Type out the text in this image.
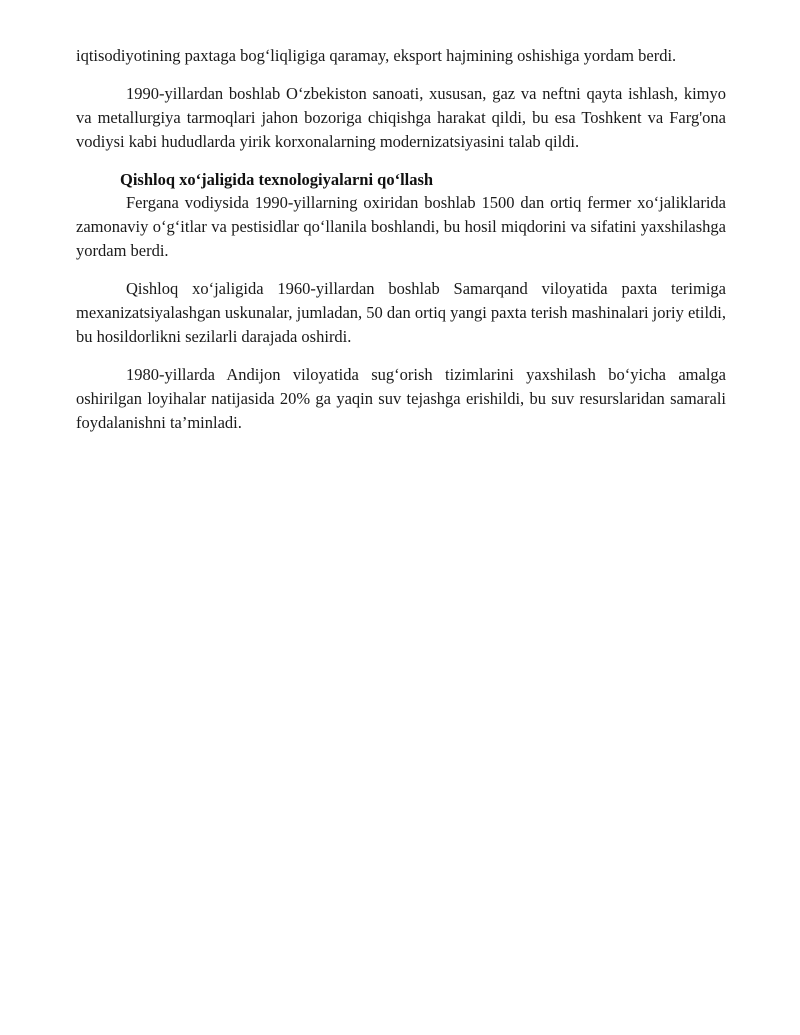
iqtisodiyotining paxtaga bog‘liqligiga qaramay, eksport hajmining oshishiga yordam berdi.

1990-yillardan boshlab O‘zbekiston sanoati, xususan, gaz va neftni qayta ishlash, kimyo va metallurgiya tarmoqlari jahon bozoriga chiqishga harakat qildi, bu esa Toshkent va Farg'ona vodiysi kabi hududlarda yirik korxonalarning modernizatsiyasini talab qildi.

Qishloq xo‘jaligida texnologiyalarni qo‘llash

Fergana vodiysida 1990-yillarning oxiridan boshlab 1500 dan ortiq fermer xo‘jaliklarida zamonaviy o‘g‘itlar va pestisidlar qo‘llanila boshlandi, bu hosil miqdorini va sifatini yaxshilashga yordam berdi.

Qishloq xo‘jaligida 1960-yillardan boshlab Samarqand viloyatida paxta terimiga mexanizatsiyalashgan uskunalar, jumladan, 50 dan ortiq yangi paxta terish mashinalari joriy etildi, bu hosildorlikni sezilarli darajada oshirdi.

1980-yillarda Andijon viloyatida sug‘orish tizimlarini yaxshilash bo‘yicha amalga oshirilgan loyihalar natijasida 20% ga yaqin suv tejashga erishildi, bu suv resurslaridan samarali foydalanishni ta’minladi.
